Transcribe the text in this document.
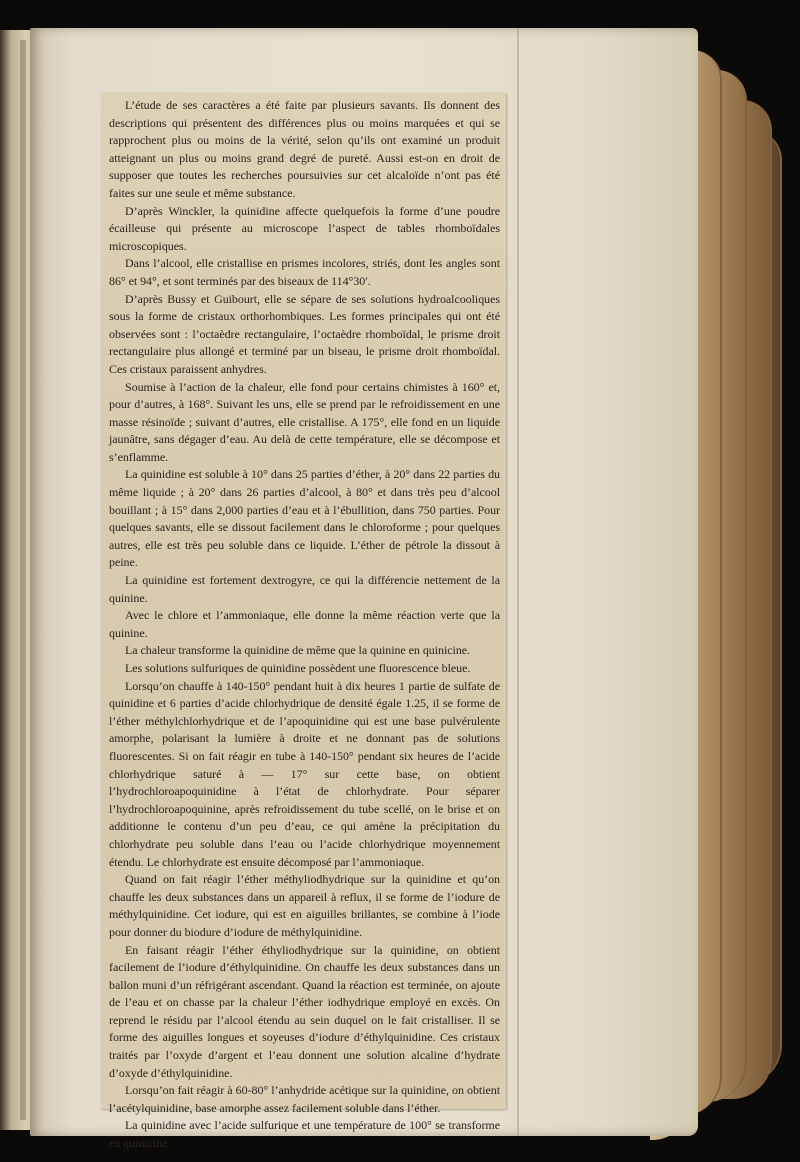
L’étude de ses caractères a été faite par plusieurs savants. Ils donnent des descriptions qui présentent des différences plus ou moins marquées et qui se rapprochent plus ou moins de la vérité, selon qu’ils ont examiné un produit atteignant un plus ou moins grand degré de pureté. Aussi est-on en droit de supposer que toutes les recherches poursuivies sur cet alcaloïde n’ont pas été faites sur une seule et même substance.

D’après Winckler, la quinidine affecte quelquefois la forme d’une poudre écailleuse qui présente au microscope l’aspect de tables rhomboïdales microscopiques.

Dans l’alcool, elle cristallise en prismes incolores, striés, dont les angles sont 86° et 94°, et sont terminés par des biseaux de 114°30′.

D’après Bussy et Guibourt, elle se sépare de ses solutions hydroalcooliques sous la forme de cristaux orthorhombiques. Les formes principales qui ont été observées sont : l’octaèdre rectangulaire, l’octaèdre rhomboïdal, le prisme droit rectangulaire plus allongé et terminé par un biseau, le prisme droit rhomboïdal. Ces cristaux paraissent anhydres.

Soumise à l’action de la chaleur, elle fond pour certains chimistes à 160° et, pour d’autres, à 168°. Suivant les uns, elle se prend par le refroidissement en une masse résinoïde ; suivant d’autres, elle cristallise. A 175°, elle fond en un liquide jaunâtre, sans dégager d’eau. Au delà de cette température, elle se décompose et s’enflamme.

La quinidine est soluble à 10° dans 25 parties d’éther, à 20° dans 22 parties du même liquide ; à 20° dans 26 parties d’alcool, à 80° et dans très peu d’alcool bouillant ; à 15° dans 2,000 parties d’eau et à l’ébullition, dans 750 parties. Pour quelques savants, elle se dissout facilement dans le chloroforme ; pour quelques autres, elle est très peu soluble dans ce liquide. L’éther de pétrole la dissout à peine.

La quinidine est fortement dextrogyre, ce qui la différencie nettement de la quinine.

Avec le chlore et l’ammoniaque, elle donne la même réaction verte que la quinine.

La chaleur transforme la quinidine de même que la quinine en quinicine.

Les solutions sulfuriques de quinidine possèdent une fluorescence bleue.

Lorsqu’on chauffe à 140-150° pendant huit à dix heures 1 partie de sulfate de quinidine et 6 parties d’acide chlorhydrique de densité égale 1.25, il se forme de l’éther méthylchlorhydrique et de l’apoquinidine qui est une base pulvérulente amorphe, polarisant la lumière à droite et ne donnant pas de solutions fluorescentes. Si on fait réagir en tube à 140-150° pendant six heures de l’acide chlorhydrique saturé à — 17° sur cette base, on obtient l’hydrochloroapoquinidine à l’état de chlorhydrate. Pour séparer l’hydrochloroapoquinine, après refroidissement du tube scellé, on le brise et on additionne le contenu d’un peu d’eau, ce qui amène la précipitation du chlorhydrate peu soluble dans l’eau ou l’acide chlorhydrique moyennement étendu. Le chlorhydrate est ensuite décomposé par l’ammoniaque.

Quand on fait réagir l’éther méthyliodhydrique sur la quinidine et qu’on chauffe les deux substances dans un appareil à reflux, il se forme de l’iodure de méthylquinidine. Cet iodure, qui est en aiguilles brillantes, se combine à l’iode pour donner du biodure d’iodure de méthylquinidine.

En faisant réagir l’éther éthyliodhydrique sur la quinidine, on obtient facilement de l’iodure d’éthylquinidine. On chauffe les deux substances dans un ballon muni d’un réfrigérant ascendant. Quand la réaction est terminée, on ajoute de l’eau et on chasse par la chaleur l’éther iodhydrique employé en excès. On reprend le résidu par l’alcool étendu au sein duquel on le fait cristalliser. Il se forme des aiguilles longues et soyeuses d’iodure d’éthylquinidine. Ces cristaux traités par l’oxyde d’argent et l’eau donnent une solution alcaline d’hydrate d’oxyde d’éthylquinidine.

Lorsqu’on fait réagir à 60-80° l’anhydride acétique sur la quinidine, on obtient l’acétylquinidine, base amorphe assez facilement soluble dans l’éther.

La quinidine avec l’acide sulfurique et une température de 100° se transforme en quinicine.
